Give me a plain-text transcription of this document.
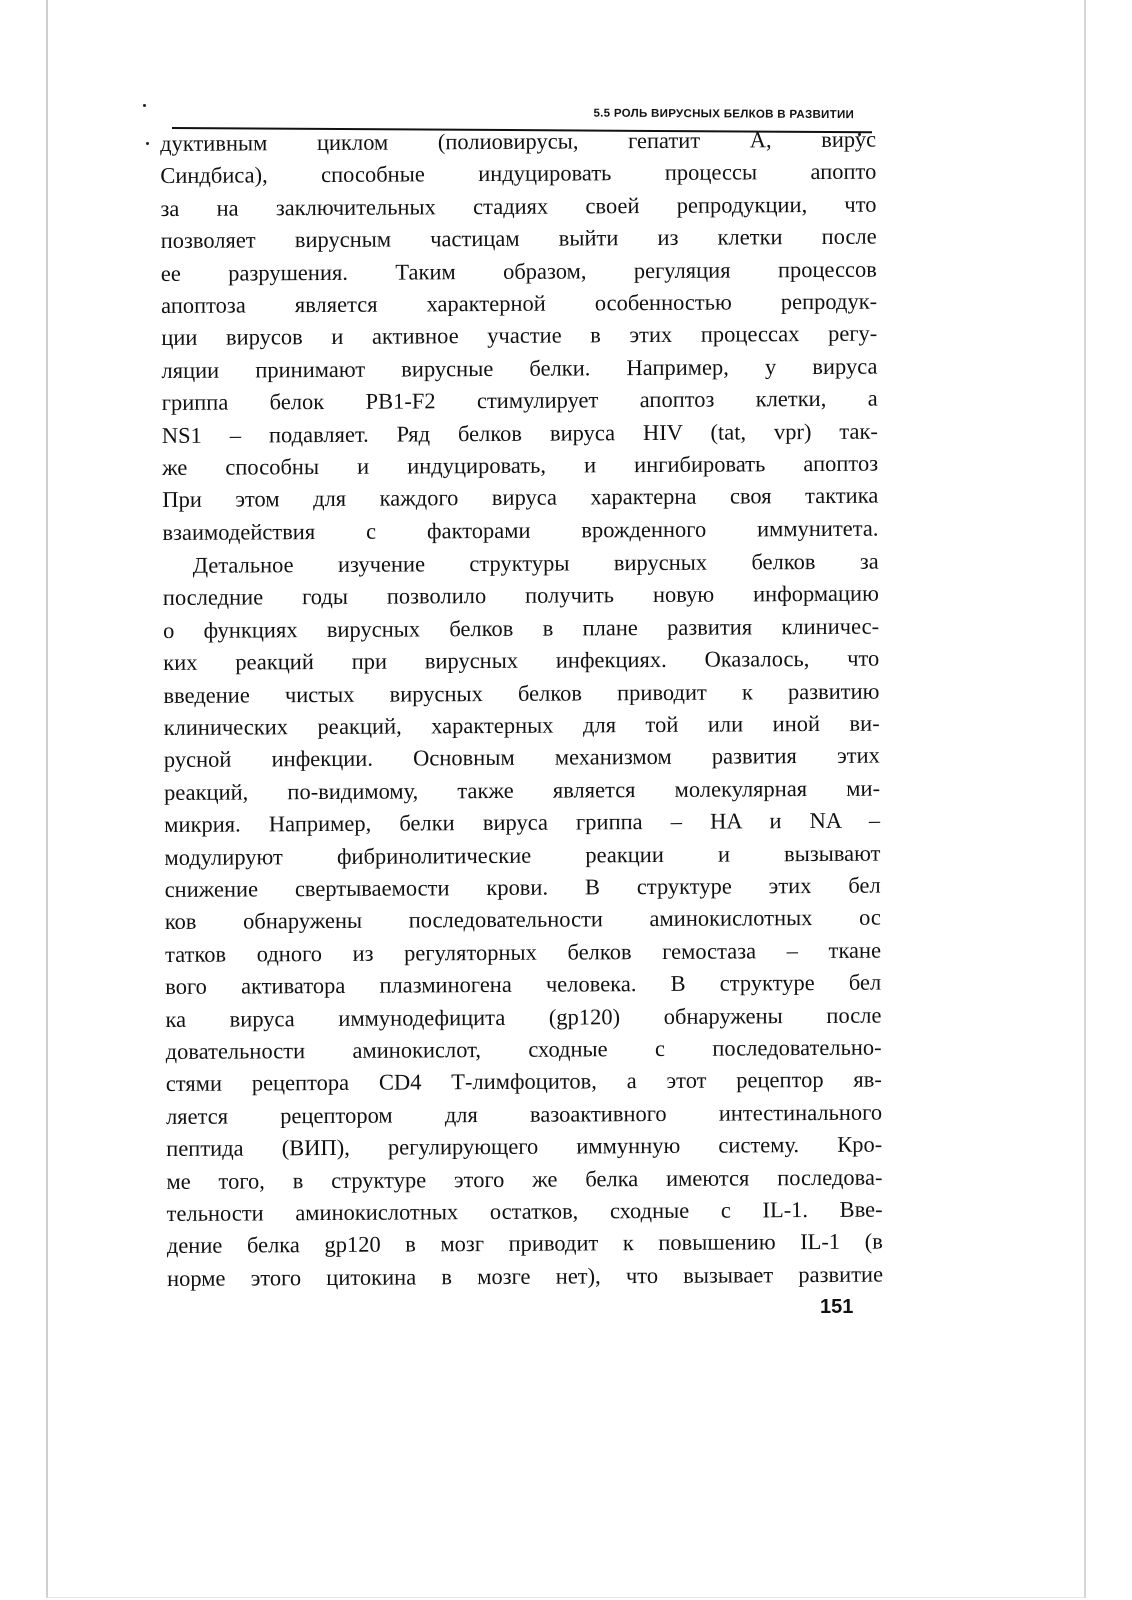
5.5 РОЛЬ ВИРУСНЫХ БЕЛКОВ В РАЗВИТИИ
дуктивным циклом (полиовирусы, гепатит А, вирус
Синдбиса), способные индуцировать процессы апопто
за на заключительных стадиях своей репродукции, что
позволяет вирусным частицам выйти из клетки после
ее разрушения. Таким образом, регуляция процессов
апоптоза является характерной особенностью репродук-
ции вирусов и активное участие в этих процессах регу-
ляции принимают вирусные белки. Например, у вируса
гриппа белок PB1-F2 стимулирует апоптоз клетки, а
NS1 – подавляет. Ряд белков вируса HIV (tat, vpr) так-
же способны и индуцировать, и ингибировать апоптоз
При этом для каждого вируса характерна своя тактика
взаимодействия с факторами врожденного иммунитета.
Детальное изучение структуры вирусных белков за
последние годы позволило получить новую информацию
о функциях вирусных белков в плане развития клиничес-
ких реакций при вирусных инфекциях. Оказалось, что
введение чистых вирусных белков приводит к развитию
клинических реакций, характерных для той или иной ви-
русной инфекции. Основным механизмом развития этих
реакций, по-видимому, также является молекулярная ми-
микрия. Например, белки вируса гриппа – HA и NA –
модулируют фибринолитические реакции и вызывают
снижение свертываемости крови. В структуре этих бел
ков обнаружены последовательности аминокислотных ос
татков одного из регуляторных белков гемостаза – ткане
вого активатора плазминогена человека. В структуре бел
ка вируса иммунодефицита (gp120) обнаружены после
довательности аминокислот, сходные с последовательно-
стями рецептора CD4 Т-лимфоцитов, а этот рецептор яв-
ляется рецептором для вазоактивного интестинального
пептида (ВИП), регулирующего иммунную систему. Кро-
ме того, в структуре этого же белка имеются последова-
тельности аминокислотных остатков, сходные с IL-1. Вве-
дение белка gp120 в мозг приводит к повышению IL-1 (в
норме этого цитокина в мозге нет), что вызывает развитие
151
